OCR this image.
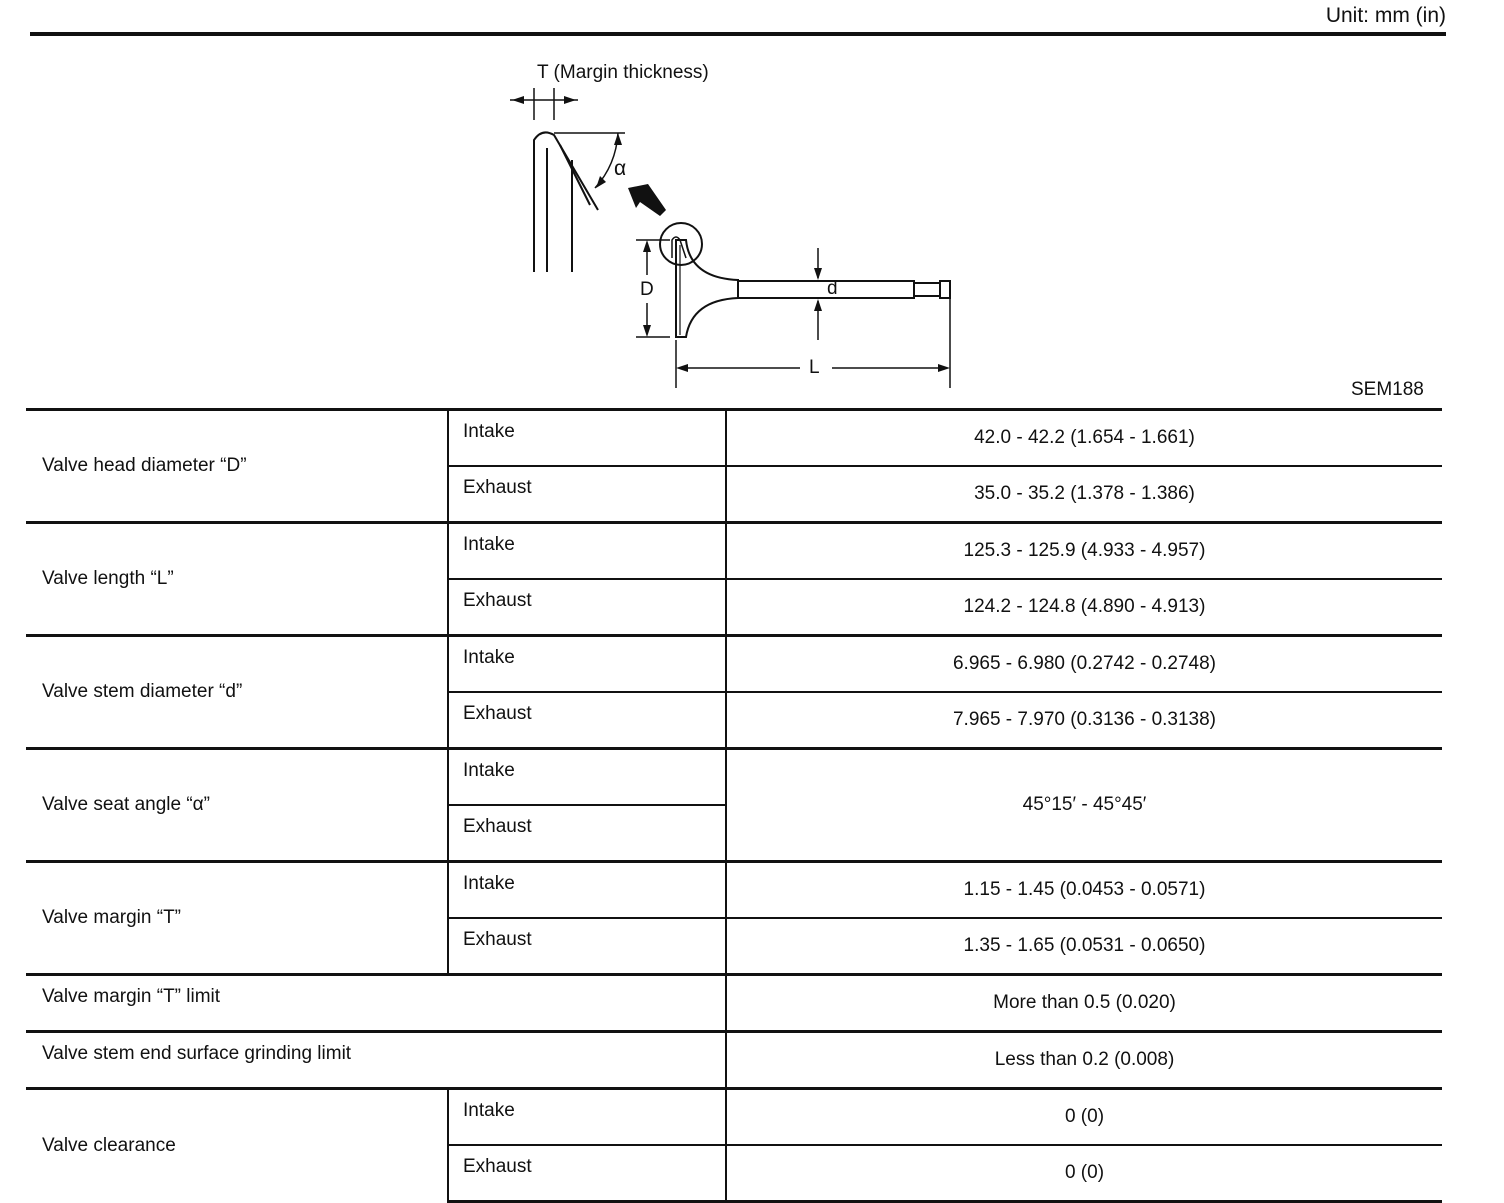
Unit: mm (in)
T (Margin thickness)
α
D	d
L
SEM188
Valve head diameter “D”	Intake	42.0 - 42.2 (1.654 - 1.661)
	Exhaust	35.0 - 35.2 (1.378 - 1.386)
Valve length “L”	Intake	125.3 - 125.9 (4.933 - 4.957)
	Exhaust	124.2 - 124.8 (4.890 - 4.913)
Valve stem diameter “d”	Intake	6.965 - 6.980 (0.2742 - 0.2748)
	Exhaust	7.965 - 7.970 (0.3136 - 0.3138)
Valve seat angle “α”	Intake	45°15′ - 45°45′
	Exhaust	
Valve margin “T”	Intake	1.15 - 1.45 (0.0453 - 0.0571)
	Exhaust	1.35 - 1.65 (0.0531 - 0.0650)
Valve margin “T” limit		More than 0.5 (0.020)
Valve stem end surface grinding limit		Less than 0.2 (0.008)
Valve clearance	Intake	0 (0)
	Exhaust	0 (0)
